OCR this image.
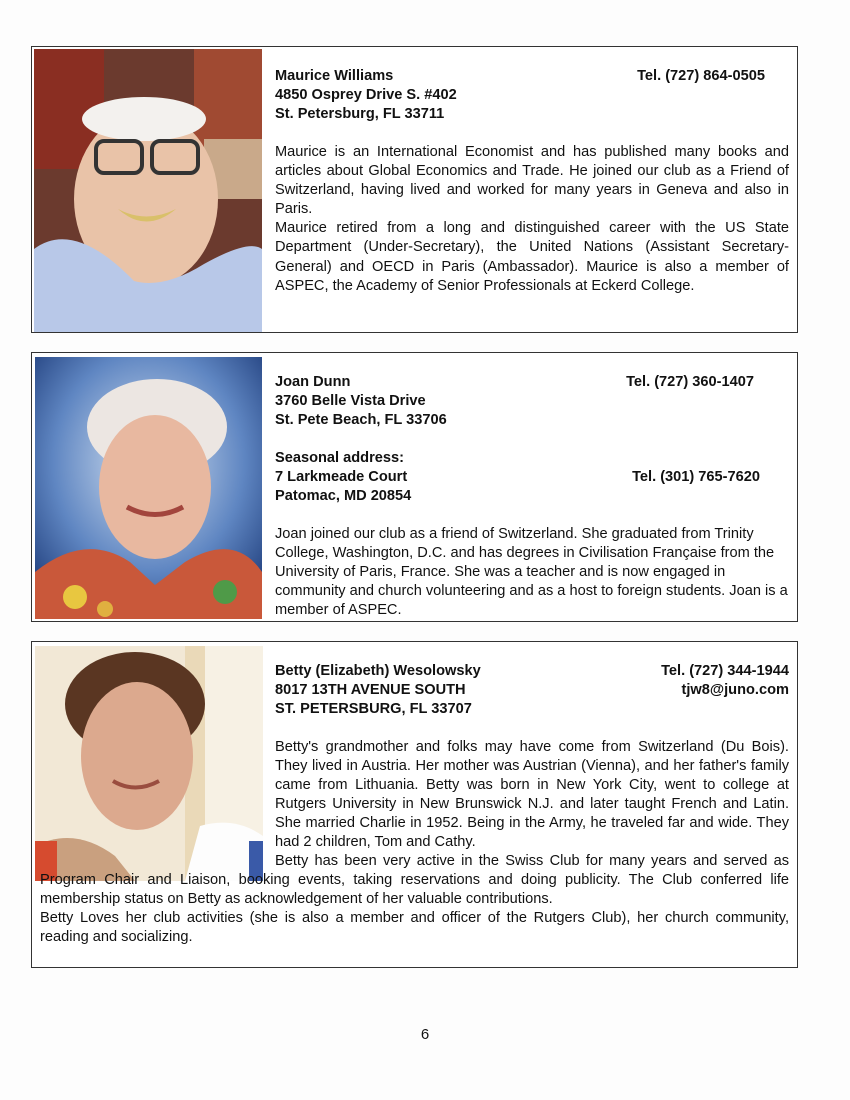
Maurice Williams
4850 Osprey Drive S. #402
St. Petersburg, FL 33711
Tel. (727) 864-0505

Maurice is an International Economist and has published many books and articles about Global Economics and Trade. He joined our club as a Friend of Switzerland, having lived and worked for many years in Geneva and also in Paris.

Maurice retired from a long and distinguished career with the US State Department (Under-Secretary), the United Nations (Assistant Secretary-General) and OECD in Paris (Ambassador). Maurice is also a member of ASPEC, the Academy of Senior Professionals at Eckerd College.

Joan Dunn
3760 Belle Vista Drive
St. Pete Beach, FL 33706
Tel. (727) 360-1407
Seasonal address:
7 Larkmeade Court
Patomac, MD 20854
Tel. (301) 765-7620

Joan joined our club as a friend of Switzerland. She graduated from Trinity College, Washington, D.C. and has degrees in Civilisation Française from the University of Paris, France. She was a teacher and is now engaged in community and church volunteering and as a host to foreign students. Joan is a member of ASPEC.

Betty (Elizabeth) Wesolowsky
8017 13TH AVENUE SOUTH
ST. PETERSBURG, FL 33707
Tel. (727) 344-1944
tjw8@juno.com

Betty's grandmother and folks may have come from Switzerland (Du Bois). They lived in Austria. Her mother was Austrian (Vienna), and her father's family came from Lithuania. Betty was born in New York City, went to college at Rutgers University in New Brunswick N.J. and later taught French and Latin. She married Charlie in 1952. Being in the Army, he traveled far and wide. They had 2 children, Tom and Cathy.

Betty has been very active in the Swiss Club for many years and served as Program Chair and Liaison, booking events, taking reservations and doing publicity. The Club conferred life membership status on Betty as acknowledgement of her valuable contributions.

Betty Loves her club activities (she is also a member and officer of the Rutgers Club), her church community, reading and socializing.

6
